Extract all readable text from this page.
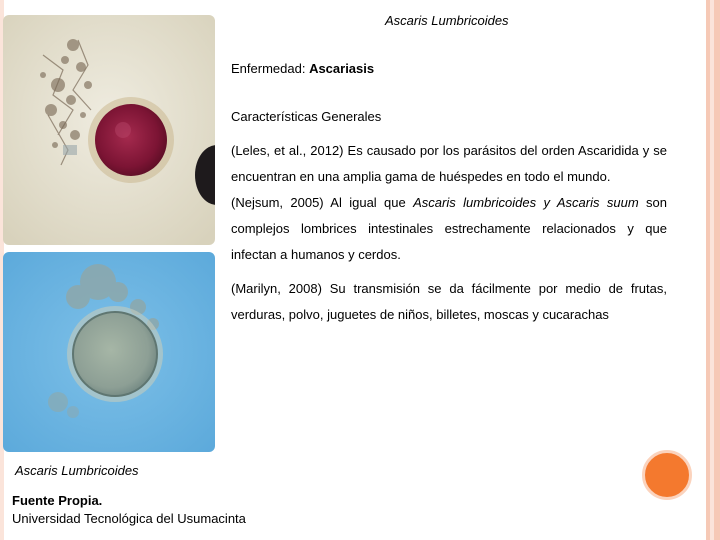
Ascaris Lumbricoides
Enfermedad: Ascariasis

Características Generales

(Leles, et al., 2012) Es causado por los parásitos del orden Ascaridida y se encuentran en una amplia gama de huéspedes en todo el mundo.

(Nejsum, 2005) Al igual que Ascaris lumbricoides y Ascaris suum son complejos lombrices intestinales estrechamente relacionados y que infectan a humanos y cerdos.

(Marilyn, 2008) Su transmisión se da fácilmente por medio de frutas, verduras, polvo, juguetes de niños, billetes, moscas y cucarachas

Ascaris Lumbricoides
Fuente Propia.
Universidad Tecnológica del Usumacinta
